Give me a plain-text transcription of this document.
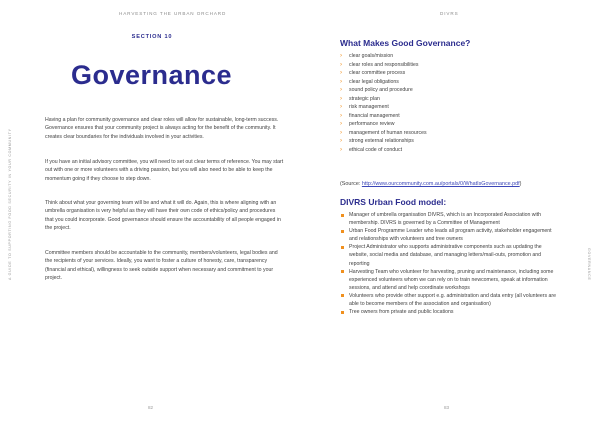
HARVESTING THE URBAN ORCHARD	DIVRS
A GUIDE TO SUPPORTING FOOD SECURITY IN YOUR COMMUNITY	GOVERNANCE
SECTION 10
Governance

Having a plan for community governance and clear roles will allow for sustainable, long-term success. Governance ensures that your community project is always acting for the benefit of the community. It creates clear boundaries for the individuals involved in your activities.

If you have an initial advisory committee, you will need to set out clear terms of reference. You may start out with one or more volunteers with a driving passion, but you will also need to be able to keep the momentum going if they choose to step down.

Think about what your governing team will be and what it will do. Again, this is where aligning with an umbrella organisation is very helpful as they will have their own code of ethics/policy and procedures that you could incorporate. Good governance should ensure the accountability of all people engaged in the project.

Committee members should be accountable to the community, members/volunteers, legal bodies and the recipients of your services. Ideally, you want to foster a culture of honesty, care, transparency (financial and ethical), willingness to seek outside support when necessary and commitment to your project.

82
What Makes Good Governance?
› clear goals/mission
› clear roles and responsibilities
› clear committee process
› clear legal obligations
› sound policy and procedure
› strategic plan
› risk management
› financial management
› performance review
› management of human resources
› strong external relationships
› ethical code of conduct
(Source: http://www.ourcommunity.com.au/portals/0/WhatIsGovernance.pdf)
DIVRS Urban Food model:
Manager of umbrella organisation DIVRS, which is an Incorporated Association with membership. DIVRS is governed by a Committee of Management
Urban Food Programme Leader who leads all program activity, stakeholder engagement and relationships with volunteers and tree owners
Project Administrator who supports administrative components such as updating the website, social media and database, and managing letters/mail-outs, promotion and reporting
Harvesting Team who volunteer for harvesting, pruning and maintenance, including some experienced volunteers whom we can rely on to train newcomers, speak at information sessions, and attend and help coordinate workshops
Volunteers who provide other support e.g. administration and data entry (all volunteers are able to become members of the association and organisation)
Tree owners from private and public locations
83
